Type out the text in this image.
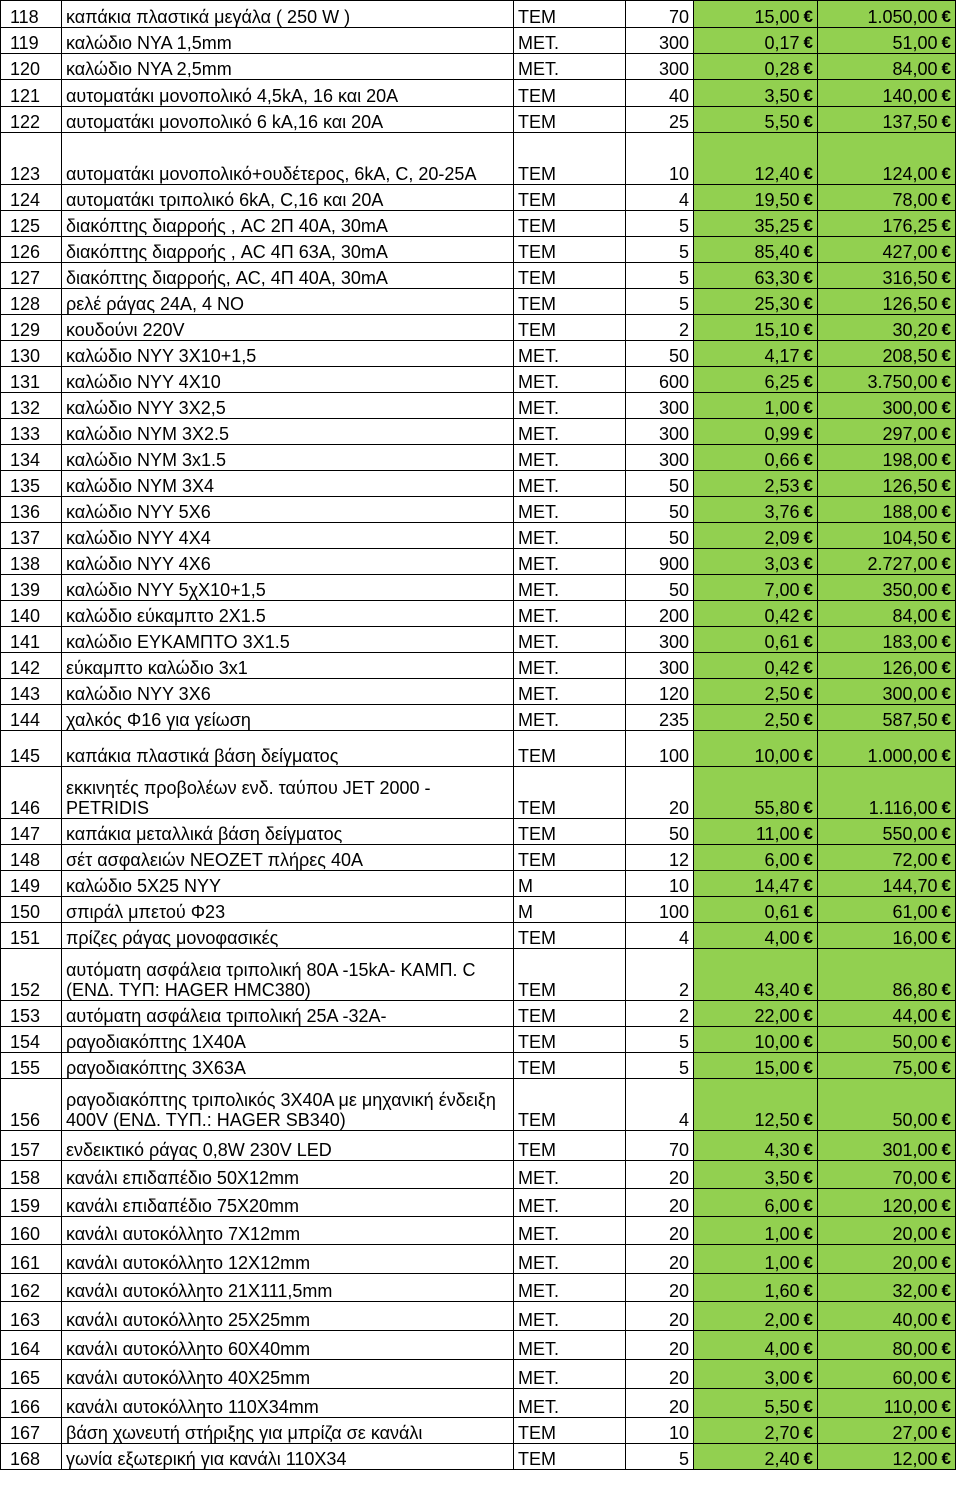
118	καπάκια πλαστικά μεγάλα ( 250 W )	ΤΕΜ	70	15,00 €	1.050,00 €

119	καλώδιο ΝΥΑ 1,5mm	ΜΕΤ.	300	0,17 €	51,00 €

120	καλώδιο ΝΥΑ 2,5mm	ΜΕΤ.	300	0,28 €	84,00 €

121	αυτοματάκι μονοπολικό 4,5kA, 16 και 20Α	ΤΕΜ	40	3,50 €	140,00 €

122	αυτοματάκι μονοπολικό 6 kA,16 και 20Α	ΤΕΜ	25	5,50 €	137,50 €

123	αυτοματάκι μονοπολικό+ουδέτερος, 6kA, C, 20-25A	ΤΕΜ	10	12,40 €	124,00 €

124	αυτοματάκι τριπολικό 6kA, C,16 και 20Α	ΤΕΜ	4	19,50 €	78,00 €

125	διακόπτης διαρροής , AC 2Π 40Α, 30mA	ΤΕΜ	5	35,25 €	176,25 €

126	διακόπτης διαρροής , AC 4Π 63Α, 30mA	ΤΕΜ	5	85,40 €	427,00 €

127	διακόπτης διαρροής, AC, 4Π 40Α, 30mA	ΤΕΜ	5	63,30 €	316,50 €

128	ρελέ ράγας 24Α, 4 ΝΟ	ΤΕΜ	5	25,30 €	126,50 €

129	κουδούνι 220V	ΤΕΜ	2	15,10 €	30,20 €

130	καλώδιο ΝΥΥ 3Χ10+1,5	ΜΕΤ.	50	4,17 €	208,50 €

131	καλώδιο ΝΥΥ 4Χ10	ΜΕΤ.	600	6,25 €	3.750,00 €

132	καλώδιο ΝΥΥ 3Χ2,5	ΜΕΤ.	300	1,00 €	300,00 €

133	καλώδιο ΝΥΜ 3Χ2.5	ΜΕΤ.	300	0,99 €	297,00 €

134	καλώδιο ΝΥΜ 3x1.5	ΜΕΤ.	300	0,66 €	198,00 €

135	καλώδιο ΝΥΜ 3Χ4	ΜΕΤ.	50	2,53 €	126,50 €

136	καλώδιο ΝΥΥ 5Χ6	ΜΕΤ.	50	3,76 €	188,00 €

137	καλώδιο ΝΥΥ 4Χ4	ΜΕΤ.	50	2,09 €	104,50 €

138	καλώδιο ΝΥΥ 4Χ6	ΜΕΤ.	900	3,03 €	2.727,00 €

139	καλώδιο ΝΥΥ 5χΧ10+1,5	ΜΕΤ.	50	7,00 €	350,00 €

140	καλώδιο εύκαμπτο 2Χ1.5	ΜΕΤ.	200	0,42 €	84,00 €

141	καλώδιο ΕΥΚΑΜΠΤΟ 3Χ1.5	ΜΕΤ.	300	0,61 €	183,00 €

142	εύκαμπτο καλώδιο 3x1	ΜΕΤ.	300	0,42 €	126,00 €

143	καλώδιο ΝΥΥ 3Χ6	ΜΕΤ.	120	2,50 €	300,00 €

144	χαλκός Φ16 για γείωση	ΜΕΤ.	235	2,50 €	587,50 €

145	καπάκια πλαστικά βάση δείγματος	ΤΕΜ	100	10,00 €	1.000,00 €

146	εκκινητές προβολέων ενδ. ταύπου JET 2000 -PETRIDIS	ΤΕΜ	20	55,80 €	1.116,00 €

147	καπάκια μεταλλικά βάση δείγματος	ΤΕΜ	50	11,00 €	550,00 €

148	σέτ ασφαλειών ΝΕΟΖΕΤ πλήρες 40Α	ΤΕΜ	12	6,00 €	72,00 €

149	καλώδιο 5Χ25 ΝΥΥ	Μ	10	14,47 €	144,70 €

150	σπιράλ μπετού Φ23	Μ	100	0,61 €	61,00 €

151	πρίζες ράγας μονοφασικές	ΤΕΜ	4	4,00 €	16,00 €

152	αυτόματη ασφάλεια τριπολική 80Α -15kA- ΚΑΜΠ. C (ΕΝΔ. ΤΥΠ: HAGER HMC380)	ΤΕΜ	2	43,40 €	86,80 €

153	αυτόματη ασφάλεια τριπολική 25Α -32Α-	ΤΕΜ	2	22,00 €	44,00 €

154	ραγοδιακόπτης 1Χ40Α	ΤΕΜ	5	10,00 €	50,00 €

155	ραγοδιακόπτης 3Χ63Α	ΤΕΜ	5	15,00 €	75,00 €

156	ραγοδιακόπτης τριπολικός 3Χ40Α με μηχανική ένδειξη 400V (ΕΝΔ. ΤΥΠ.: HAGER SB340)	ΤΕΜ	4	12,50 €	50,00 €

157	ενδεικτικό ράγας 0,8W 230V LED	ΤΕΜ	70	4,30 €	301,00 €

158	κανάλι επιδαπέδιο 50Χ12mm	ΜΕΤ.	20	3,50 €	70,00 €

159	κανάλι επιδαπέδιο 75Χ20mm	ΜΕΤ.	20	6,00 €	120,00 €

160	κανάλι αυτοκόλλητο 7Χ12mm	ΜΕΤ.	20	1,00 €	20,00 €

161	κανάλι αυτοκόλλητο 12Χ12mm	ΜΕΤ.	20	1,00 €	20,00 €

162	κανάλι αυτοκόλλητο 21Χ111,5mm	ΜΕΤ.	20	1,60 €	32,00 €

163	κανάλι αυτοκόλλητο 25Χ25mm	ΜΕΤ.	20	2,00 €	40,00 €

164	κανάλι αυτοκόλλητο 60Χ40mm	ΜΕΤ.	20	4,00 €	80,00 €

165	κανάλι αυτοκόλλητο 40Χ25mm	ΜΕΤ.	20	3,00 €	60,00 €

166	κανάλι αυτοκόλλητο 110Χ34mm	ΜΕΤ.	20	5,50 €	110,00 €

167	βάση χωνευτή στήριξης για μπρίζα σε κανάλι	ΤΕΜ	10	2,70 €	27,00 €

168	γωνία εξωτερική για κανάλι 110Χ34	ΤΕΜ	5	2,40 €	12,00 €
